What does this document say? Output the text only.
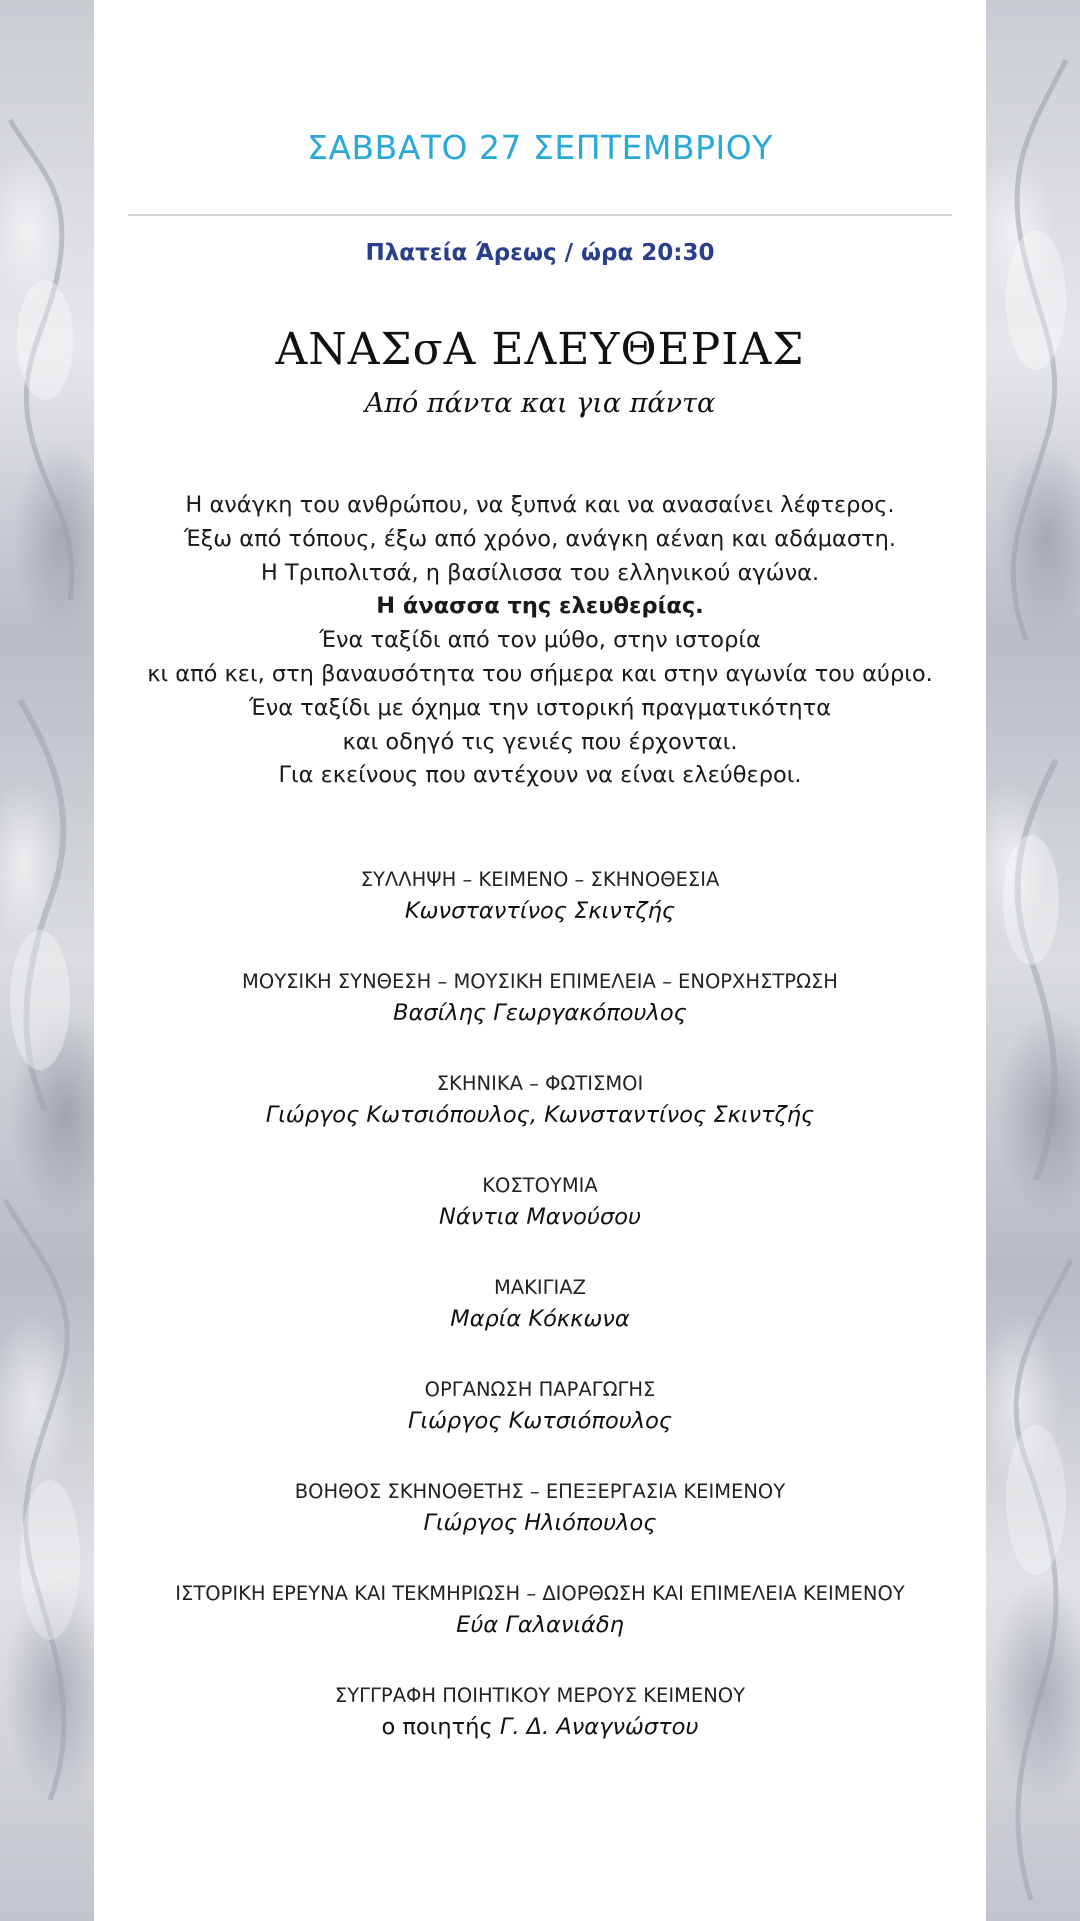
ΣΑΒΒΑΤΟ 27 ΣΕΠΤΕΜΒΡΙΟΥ
Πλατεία Άρεως / ώρα 20:30
ΑΝΑΣσΑ ΕΛΕΥΘΕΡΙΑΣ
Από πάντα και για πάντα
Η ανάγκη του ανθρώπου, να ξυπνά και να ανασαίνει λέφτερος.
Έξω από τόπους, έξω από χρόνο, ανάγκη αέναη και αδάμαστη.
Η Τριπολιτσά, η βασίλισσα του ελληνικού αγώνα.
Η άνασσα της ελευθερίας.
Ένα ταξίδι από τον μύθο, στην ιστορία
κι από κει, στη βαναυσότητα του σήμερα και στην αγωνία του αύριο.
Ένα ταξίδι με όχημα την ιστορική πραγματικότητα
και οδηγό τις γενιές που έρχονται.
Για εκείνους που αντέχουν να είναι ελεύθεροι.
ΣΥΛΛΗΨΗ – ΚΕΙΜΕΝΟ – ΣΚΗΝΟΘΕΣΙΑ
Κωνσταντίνος Σκιντζής
ΜΟΥΣΙΚΗ ΣΥΝΘΕΣΗ – ΜΟΥΣΙΚΗ ΕΠΙΜΕΛΕΙΑ – ΕΝΟΡΧΗΣΤΡΩΣΗ
Βασίλης Γεωργακόπουλος
ΣΚΗΝΙΚΑ – ΦΩΤΙΣΜΟΙ
Γιώργος Κωτσιόπουλος, Κωνσταντίνος Σκιντζής
ΚΟΣΤΟΥΜΙΑ
Νάντια Μανούσου
ΜΑΚΙΓΙΑΖ
Μαρία Κόκκωνα
ΟΡΓΑΝΩΣΗ ΠΑΡΑΓΩΓΗΣ
Γιώργος Κωτσιόπουλος
ΒΟΗΘΟΣ ΣΚΗΝΟΘΕΤΗΣ – ΕΠΕΞΕΡΓΑΣΙΑ ΚΕΙΜΕΝΟΥ
Γιώργος Ηλιόπουλος
ΙΣΤΟΡΙΚΗ ΕΡΕΥΝΑ ΚΑΙ ΤΕΚΜΗΡΙΩΣΗ – ΔΙΟΡΘΩΣΗ ΚΑΙ ΕΠΙΜΕΛΕΙΑ ΚΕΙΜΕΝΟΥ
Εύα Γαλανιάδη
ΣΥΓΓΡΑΦΗ ΠΟΙΗΤΙΚΟΥ ΜΕΡΟΥΣ ΚΕΙΜΕΝΟΥ
ο ποιητής Γ. Δ. Αναγνώστου
